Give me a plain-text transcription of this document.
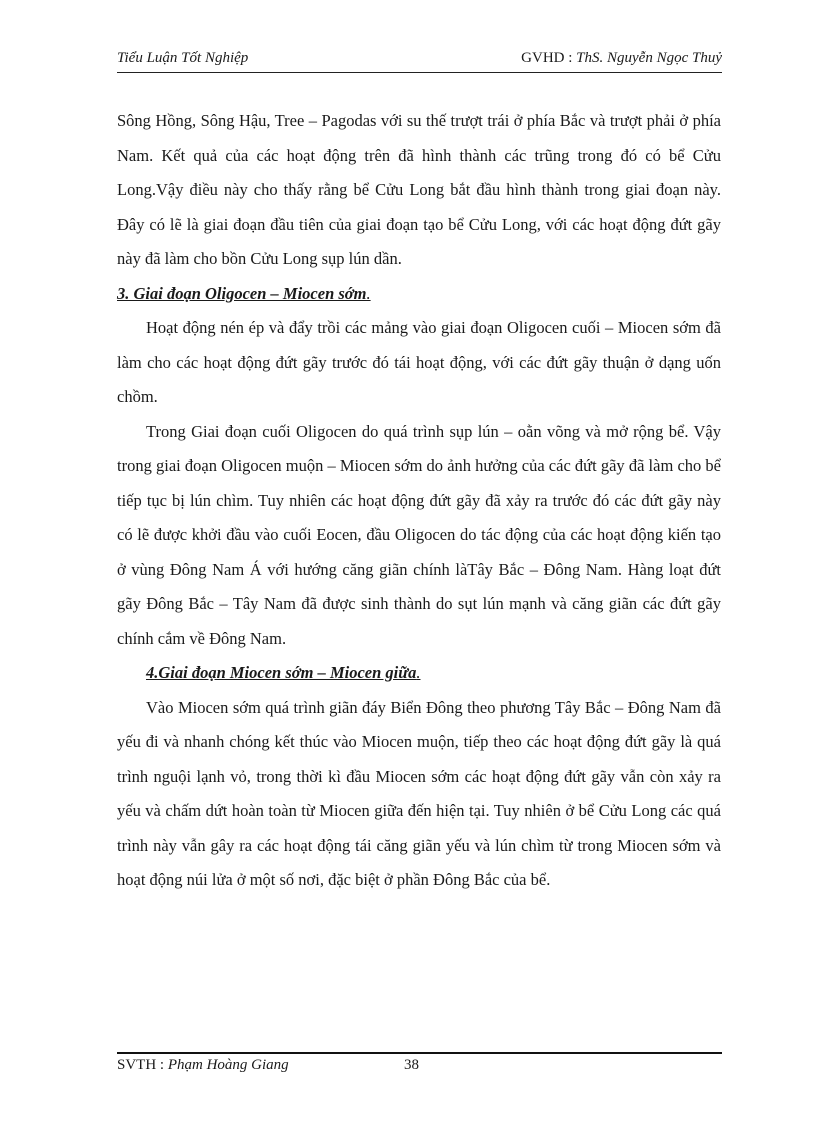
Tiểu Luận Tốt Nghiệp	GVHD : ThS. Nguyễn Ngọc Thuỷ

Sông Hồng, Sông Hậu, Tree – Pagodas với su thế trượt trái ở phía Bắc và trượt phải ở phía Nam. Kết quả của các hoạt động trên đã hình thành các trũng trong đó có bể Cửu Long.Vậy điều này cho thấy rằng bể Cửu Long bắt đầu hình thành trong giai đoạn này. Đây có lẽ là giai đoạn đầu tiên của giai đoạn tạo bể Cửu Long, với các hoạt động đứt gãy này đã làm cho bồn Cửu Long sụp lún dần.

3. Giai đoạn Oligocen – Miocen sớm.

Hoạt động nén ép và đẩy trồi các mảng vào giai đoạn Oligocen cuối – Miocen sớm đã làm cho các hoạt động đứt gãy trước đó tái hoạt động, với các đứt gãy thuận ở dạng uốn chồm.

Trong Giai đoạn cuối Oligocen do quá trình sụp lún – oằn võng và mở rộng bể. Vậy trong giai đoạn Oligocen muộn – Miocen sớm do ảnh hưởng của các đứt gãy đã làm cho bể tiếp tục bị lún chìm. Tuy nhiên các hoạt động đứt gãy đã xảy ra trước đó các đứt gãy này có lẽ được khởi đầu vào cuối Eocen, đầu Oligocen do tác động của các hoạt động kiến tạo ở vùng Đông Nam Á với hướng căng giãn chính làTây Bắc – Đông Nam. Hàng loạt đứt gãy Đông Bắc – Tây Nam đã được sinh thành do sụt lún mạnh và căng giãn các đứt gãy chính cắm về Đông Nam.

4.Giai đoạn Miocen sớm – Miocen giữa.

Vào Miocen sớm quá trình giãn đáy Biển Đông theo phương Tây Bắc – Đông Nam đã yếu đi và nhanh chóng kết thúc vào Miocen muộn, tiếp theo các hoạt động đứt gãy là quá trình nguội lạnh vỏ, trong thời kì đầu Miocen sớm các hoạt động đứt gãy vẫn còn xảy ra yếu và chấm dứt hoàn toàn từ Miocen giữa đến hiện tại. Tuy nhiên ở bể Cửu Long các quá trình này vẫn gây ra các hoạt động tái căng giãn yếu và lún chìm từ trong Miocen sớm và hoạt động núi lửa ở một số nơi, đặc biệt ở phần Đông Bắc của bể.

SVTH : Phạm Hoàng Giang	38
